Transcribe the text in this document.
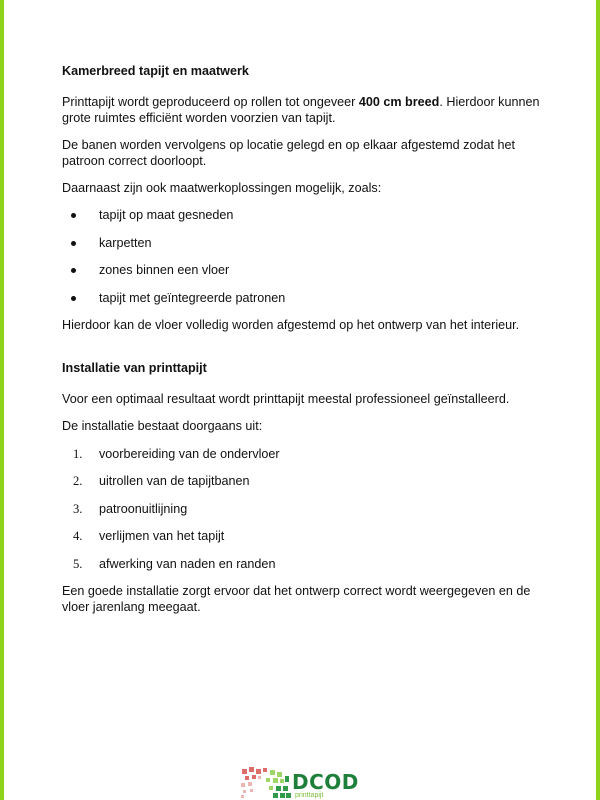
Kamerbreed tapijt en maatwerk

Printtapijt wordt geproduceerd op rollen tot ongeveer 400 cm breed. Hierdoor kunnen

grote ruimtes efficiënt worden voorzien van tapijt.

De banen worden vervolgens op locatie gelegd en op elkaar afgestemd zodat het

patroon correct doorloopt.

Daarnaast zijn ook maatwerkoplossingen mogelijk, zoals:

tapijt op maat gesneden
karpetten
zones binnen een vloer
tapijt met geïntegreerde patronen

Hierdoor kan de vloer volledig worden afgestemd op het ontwerp van het interieur.

Installatie van printtapijt

Voor een optimaal resultaat wordt printtapijt meestal professioneel geïnstalleerd.

De installatie bestaat doorgaans uit:

1. voorbereiding van de ondervloer
2. uitrollen van de tapijtbanen
3. patroonuitlijning
4. verlijmen van het tapijt
5. afwerking van naden en randen

Een goede installatie zorgt ervoor dat het ontwerp correct wordt weergegeven en de

vloer jarenlang meegaat.

DCOD
printtapijt
